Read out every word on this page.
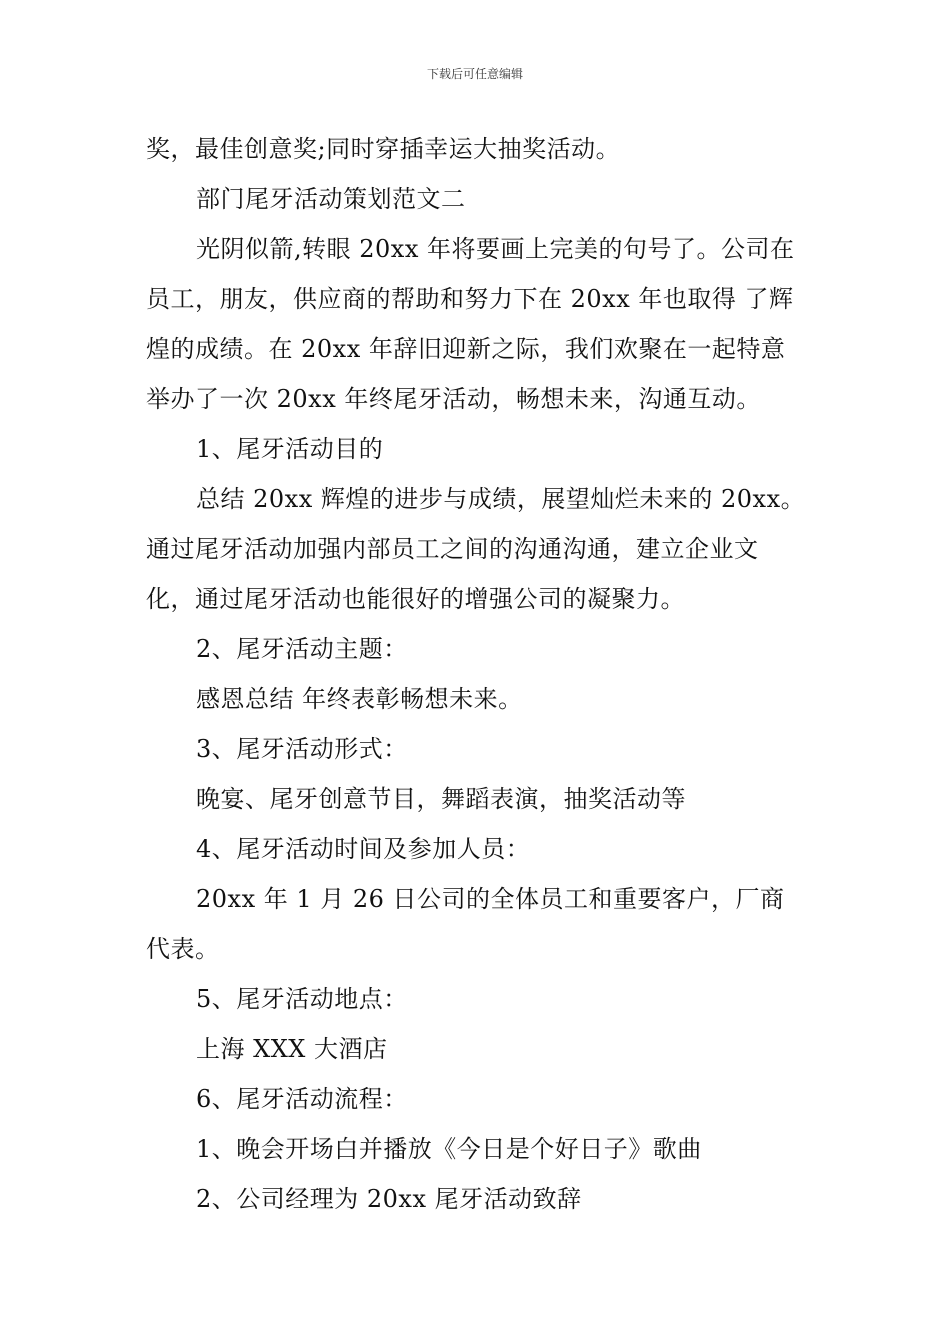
下载后可任意编辑
奖，最佳创意奖;同时穿插幸运大抽奖活动。
部门尾牙活动策划范文二
光阴似箭,转眼 20xx 年将要画上完美的句号了。公司在
员工，朋友，供应商的帮助和努力下在 20xx 年也取得 了辉
煌的成绩。在 20xx 年辞旧迎新之际，我们欢聚在一起特意
举办了一次 20xx 年终尾牙活动，畅想未来，沟通互动。
1、尾牙活动目的
总结 20xx 辉煌的进步与成绩，展望灿烂未来的 20xx。
通过尾牙活动加强内部员工之间的沟通沟通，建立企业文
化，通过尾牙活动也能很好的增强公司的凝聚力。
2、尾牙活动主题：
感恩总结 年终表彰畅想未来。
3、尾牙活动形式：
晚宴、尾牙创意节目，舞蹈表演，抽奖活动等
4、尾牙活动时间及参加人员：
20xx 年 1 月 26 日公司的全体员工和重要客户，厂商
代表。
5、尾牙活动地点：
上海 XXX 大酒店
6、尾牙活动流程：
1、晚会开场白并播放《今日是个好日子》歌曲
2、公司经理为 20xx 尾牙活动致辞
